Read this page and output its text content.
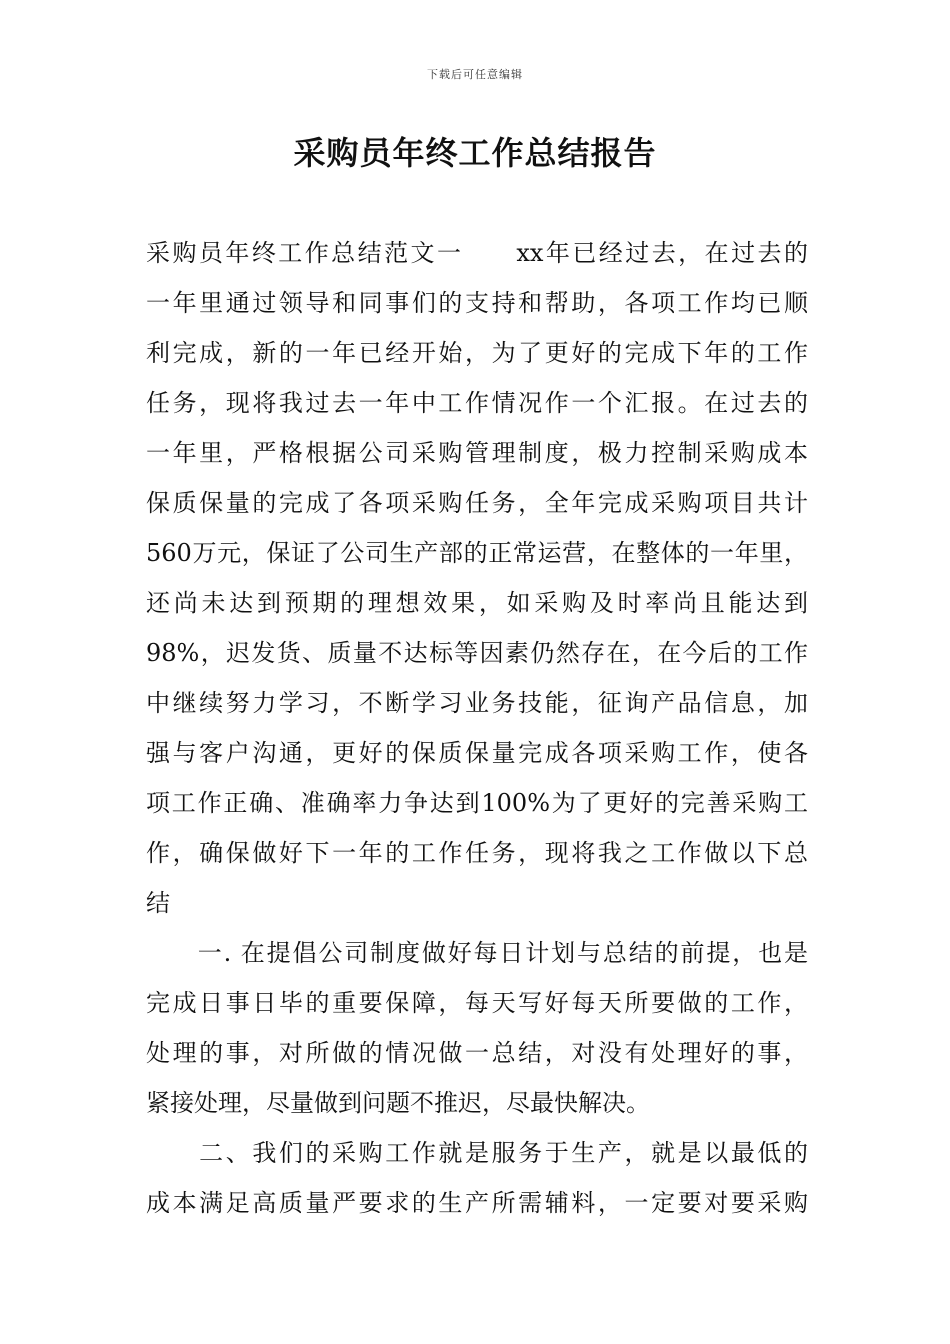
下载后可任意编辑
采购员年终工作总结报告
采购员年终工作总结范文一　　xx年已经过去，在过去的
一年里通过领导和同事们的支持和帮助，各项工作均已顺
利完成，新的一年已经开始，为了更好的完成下年的工作
任务，现将我过去一年中工作情况作一个汇报。在过去的
一年里，严格根据公司采购管理制度，极力控制采购成本
保质保量的完成了各项采购任务，全年完成采购项目共计
560万元，保证了公司生产部的正常运营，在整体的一年里，
还尚未达到预期的理想效果，如采购及时率尚且能达到
98%，迟发货、质量不达标等因素仍然存在，在今后的工作
中继续努力学习，不断学习业务技能，征询产品信息，加
强与客户沟通，更好的保质保量完成各项采购工作，使各
项工作正确、准确率力争达到100%为了更好的完善采购工
作，确保做好下一年的工作任务，现将我之工作做以下总
结
　　一. 在提倡公司制度做好每日计划与总结的前提，也是
完成日事日毕的重要保障，每天写好每天所要做的工作，
处理的事，对所做的情况做一总结，对没有处理好的事，
紧接处理，尽量做到问题不推迟，尽最快解决。
　　二、我们的采购工作就是服务于生产，就是以最低的
成本满足高质量严要求的生产所需辅料，一定要对要采购
